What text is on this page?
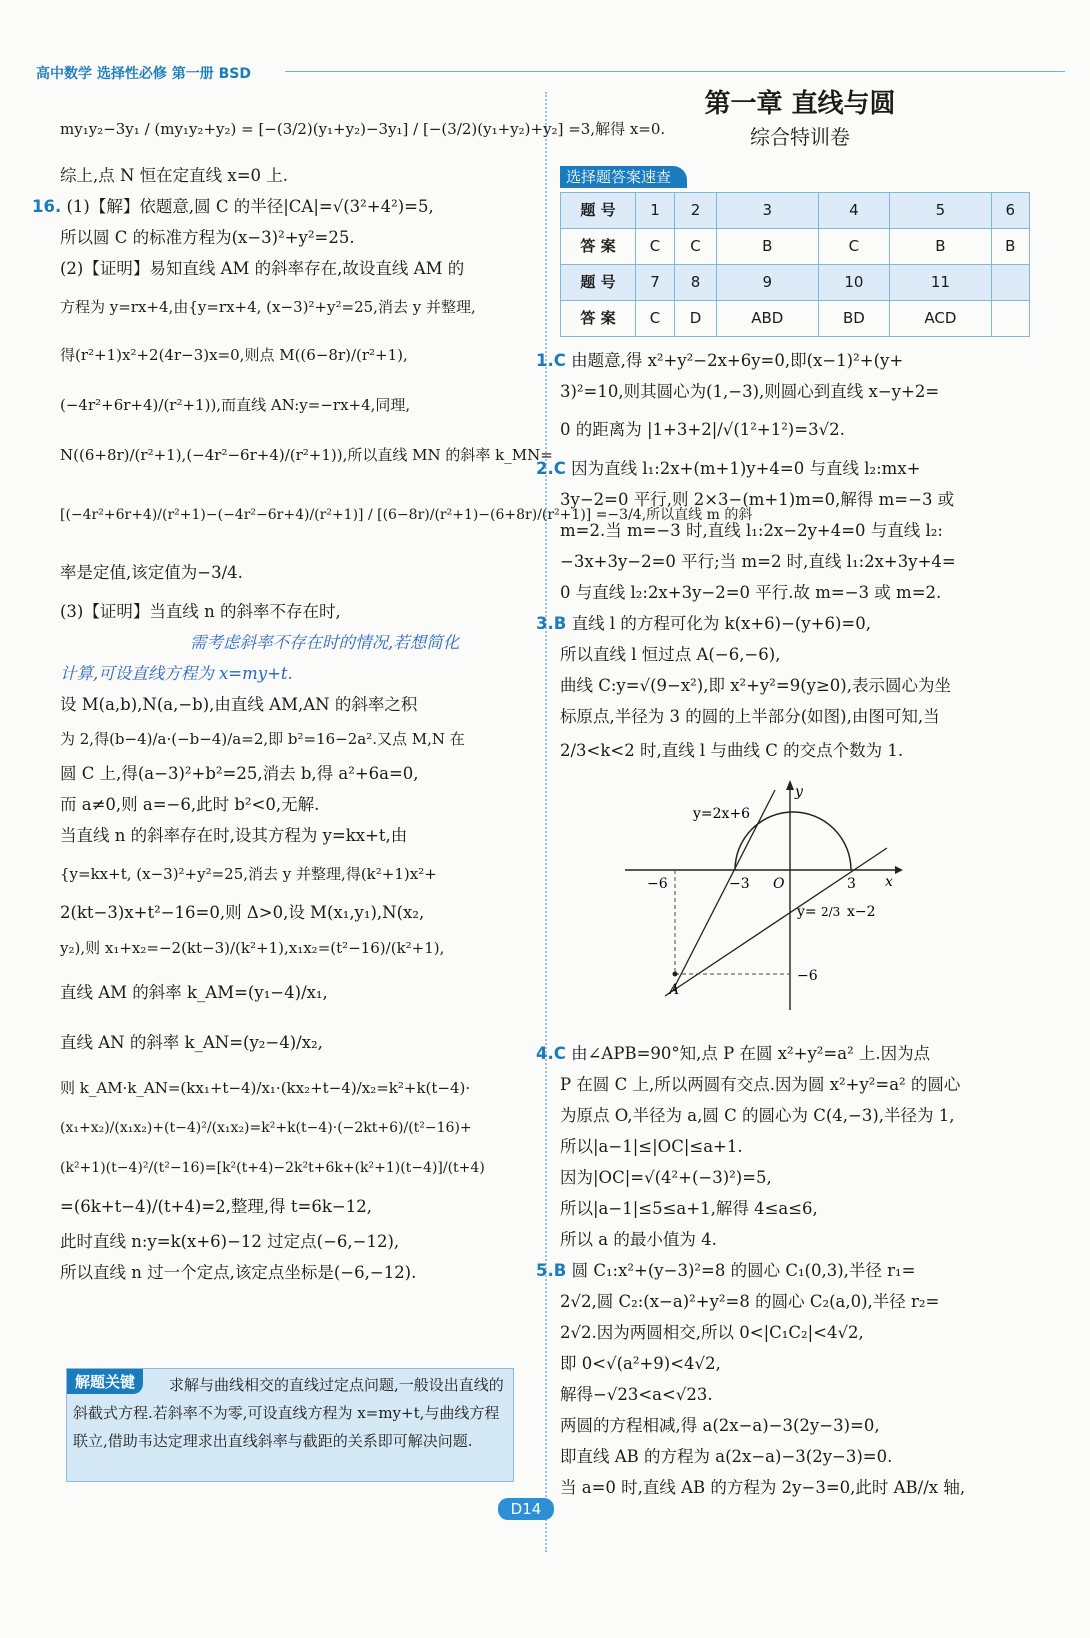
高中数学 选择性必修 第一册 BSD
my₁y₂−3y₁ / (my₁y₂+y₂) = [−(3/2)(y₁+y₂)−3y₁] / [−(3/2)(y₁+y₂)+y₂] =3,解得 x=0.
综上,点 N 恒在定直线 x=0 上.
16. (1)【解】依题意,圆 C 的半径|CA|=√(3²+4²)=5,
所以圆 C 的标准方程为(x−3)²+y²=25.
(2)【证明】易知直线 AM 的斜率存在,故设直线 AM 的
方程为 y=rx+4,由{y=rx+4, (x−3)²+y²=25,消去 y 并整理,
得(r²+1)x²+2(4r−3)x=0,则点 M((6−8r)/(r²+1),
(−4r²+6r+4)/(r²+1)),而直线 AN:y=−rx+4,同理,
N((6+8r)/(r²+1),(−4r²−6r+4)/(r²+1)),所以直线 MN 的斜率 k_MN=
[(−4r²+6r+4)/(r²+1)−(−4r²−6r+4)/(r²+1)] / [(6−8r)/(r²+1)−(6+8r)/(r²+1)] =−3/4,所以直线 m 的斜
率是定值,该定值为−3/4.
(3)【证明】当直线 n 的斜率不存在时,
需考虑斜率不存在时的情况,若想简化
计算,可设直线方程为 x=my+t.
设 M(a,b),N(a,−b),由直线 AM,AN 的斜率之积
为 2,得(b−4)/a·(−b−4)/a=2,即 b²=16−2a².又点 M,N 在
圆 C 上,得(a−3)²+b²=25,消去 b,得 a²+6a=0,
而 a≠0,则 a=−6,此时 b²<0,无解.
当直线 n 的斜率存在时,设其方程为 y=kx+t,由
{y=kx+t, (x−3)²+y²=25,消去 y 并整理,得(k²+1)x²+
2(kt−3)x+t²−16=0,则 Δ>0,设 M(x₁,y₁),N(x₂,
y₂),则 x₁+x₂=−2(kt−3)/(k²+1),x₁x₂=(t²−16)/(k²+1),
直线 AM 的斜率 k_AM=(y₁−4)/x₁,
直线 AN 的斜率 k_AN=(y₂−4)/x₂,
则 k_AM·k_AN=(kx₁+t−4)/x₁·(kx₂+t−4)/x₂=k²+k(t−4)·
(x₁+x₂)/(x₁x₂)+(t−4)²/(x₁x₂)=k²+k(t−4)·(−2kt+6)/(t²−16)+
(k²+1)(t−4)²/(t²−16)=[k²(t+4)−2k²t+6k+(k²+1)(t−4)]/(t+4)
=(6k+t−4)/(t+4)=2,整理,得 t=6k−12,
此时直线 n:y=k(x+6)−12 过定点(−6,−12),
所以直线 n 过一个定点,该定点坐标是(−6,−12).
解题关键	求解与曲线相交的直线过定点问题,一般设出直线的斜截式方程.若斜率不为零,可设直线方程为 x=my+t,与曲线方程联立,借助韦达定理求出直线斜率与截距的关系即可解决问题.
第一章 直线与圆
综合特训卷
选择题答案速查
题 号	1	2	3	4	5	6
答 案	C	C	B	C	B	B
题 号	7	8	9	10	11	
答 案	C	D	ABD	BD	ACD	
1.C 由题意,得 x²+y²−2x+6y=0,即(x−1)²+(y+
3)²=10,则其圆心为(1,−3),则圆心到直线 x−y+2=
0 的距离为 |1+3+2|/√(1²+1²)=3√2.
2.C 因为直线 l₁:2x+(m+1)y+4=0 与直线 l₂:mx+
3y−2=0 平行,则 2×3−(m+1)m=0,解得 m=−3 或
m=2.当 m=−3 时,直线 l₁:2x−2y+4=0 与直线 l₂:
−3x+3y−2=0 平行;当 m=2 时,直线 l₁:2x+3y+4=
0 与直线 l₂:2x+3y−2=0 平行.故 m=−3 或 m=2.
3.B 直线 l 的方程可化为 k(x+6)−(y+6)=0,
所以直线 l 恒过点 A(−6,−6),
曲线 C:y=√(9−x²),即 x²+y²=9(y≥0),表示圆心为坐
标原点,半径为 3 的圆的上半部分(如图),由图可知,当
2/3<k<2 时,直线 l 与曲线 C 的交点个数为 1.
4.C 由∠APB=90°知,点 P 在圆 x²+y²=a² 上.因为点
P 在圆 C 上,所以两圆有交点.因为圆 x²+y²=a² 的圆心
为原点 O,半径为 a,圆 C 的圆心为 C(4,−3),半径为 1,
所以|a−1|≤|OC|≤a+1.
因为|OC|=√(4²+(−3)²)=5,
所以|a−1|≤5≤a+1,解得 4≤a≤6,
所以 a 的最小值为 4.
5.B 圆 C₁:x²+(y−3)²=8 的圆心 C₁(0,3),半径 r₁=
2√2,圆 C₂:(x−a)²+y²=8 的圆心 C₂(a,0),半径 r₂=
2√2.因为两圆相交,所以 0<|C₁C₂|<4√2,
即 0<√(a²+9)<4√2,
解得−√23<a<√23.
两圆的方程相减,得 a(2x−a)−3(2y−3)=0,
即直线 AB 的方程为 a(2x−a)−3(2y−3)=0.
当 a=0 时,直线 AB 的方程为 2y−3=0,此时 AB//x 轴,
y
x
O
−6	−3	3
−6
A
y=2x+6
y= 2/3 x−2
D14
